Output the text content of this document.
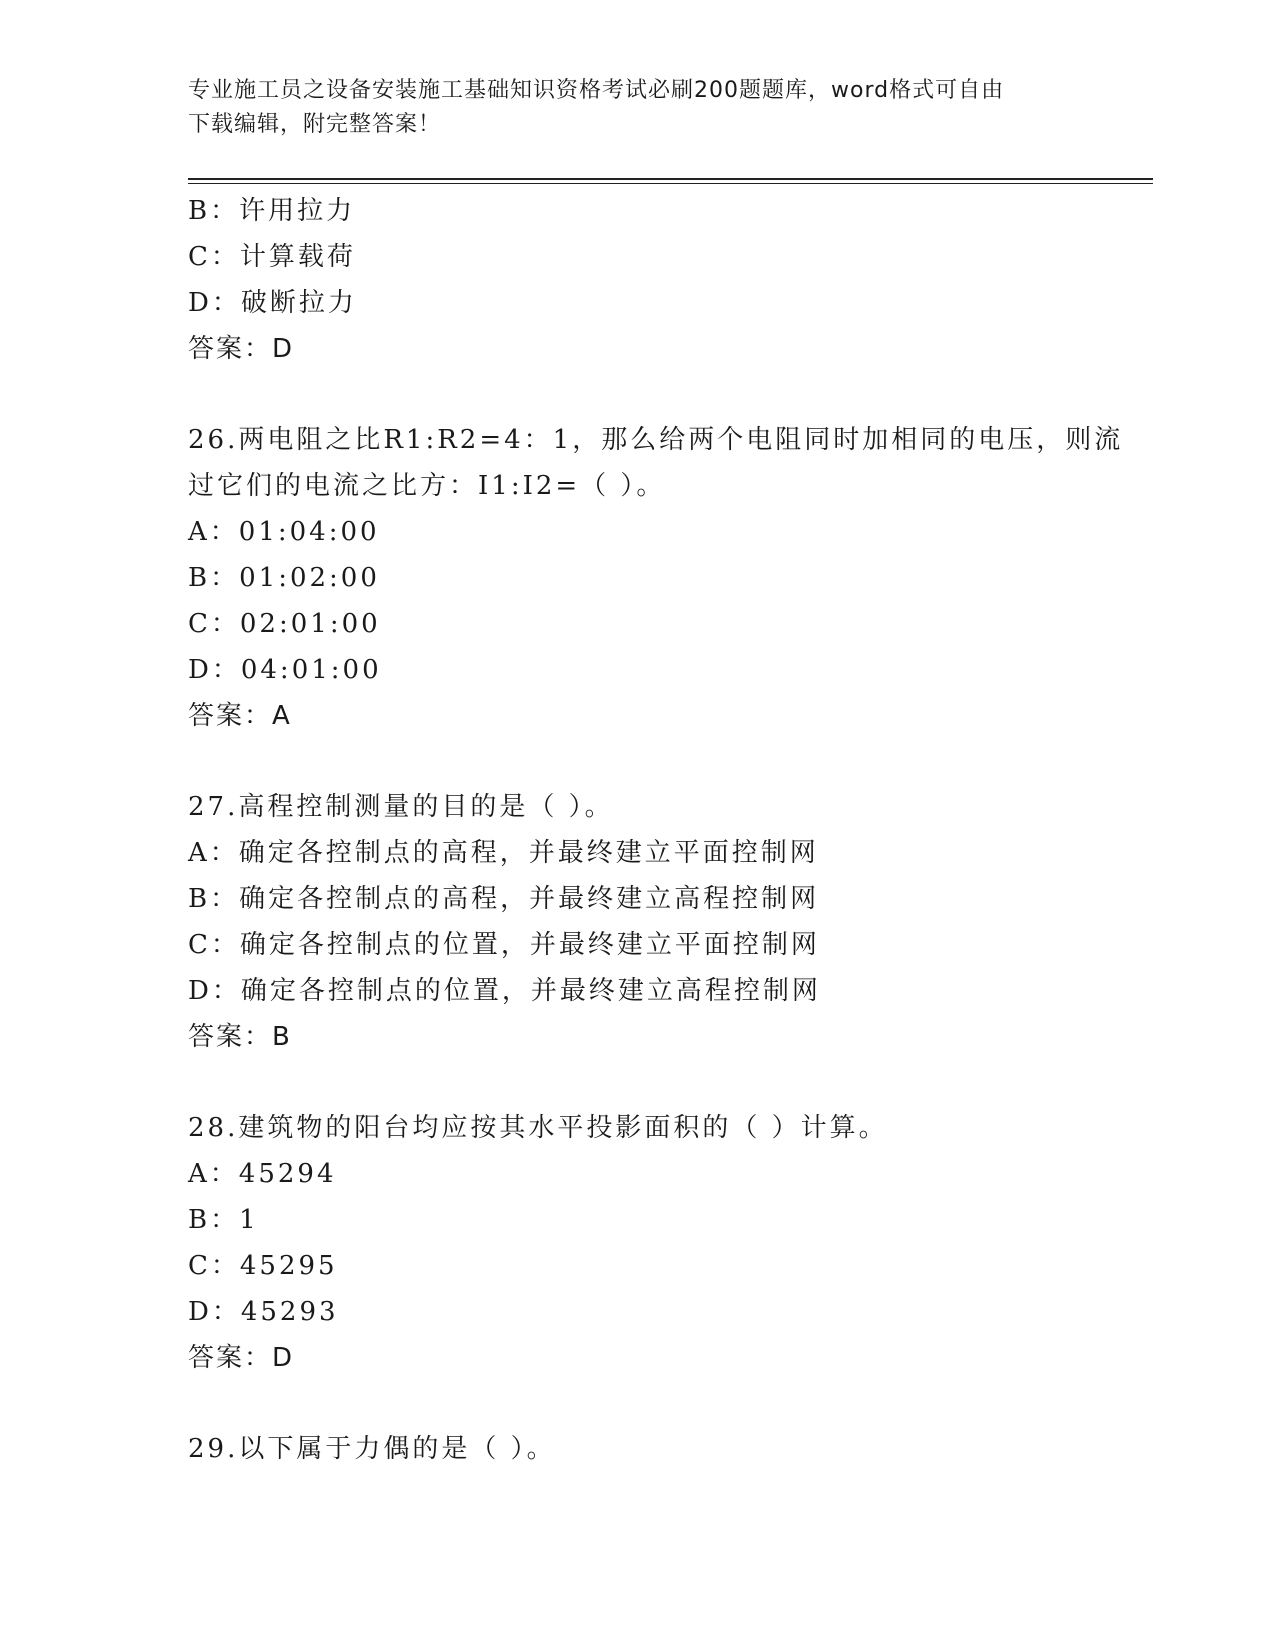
专业施工员之设备安装施工基础知识资格考试必刷200题题库，word格式可自由
下载编辑，附完整答案！
B：许用拉力
C：计算载荷
D：破断拉力
答案：D
26.两电阻之比R1:R2=4：1，那么给两个电阻同时加相同的电压，则流
过它们的电流之比方：I1:I2=（ ）。
A：01:04:00
B：01:02:00
C：02:01:00
D：04:01:00
答案：A
27.高程控制测量的目的是（ ）。
A：确定各控制点的高程，并最终建立平面控制网
B：确定各控制点的高程，并最终建立高程控制网
C：确定各控制点的位置，并最终建立平面控制网
D：确定各控制点的位置，并最终建立高程控制网
答案：B
28.建筑物的阳台均应按其水平投影面积的（ ）计算。
A：45294
B：1
C：45295
D：45293
答案：D
29.以下属于力偶的是（ ）。
